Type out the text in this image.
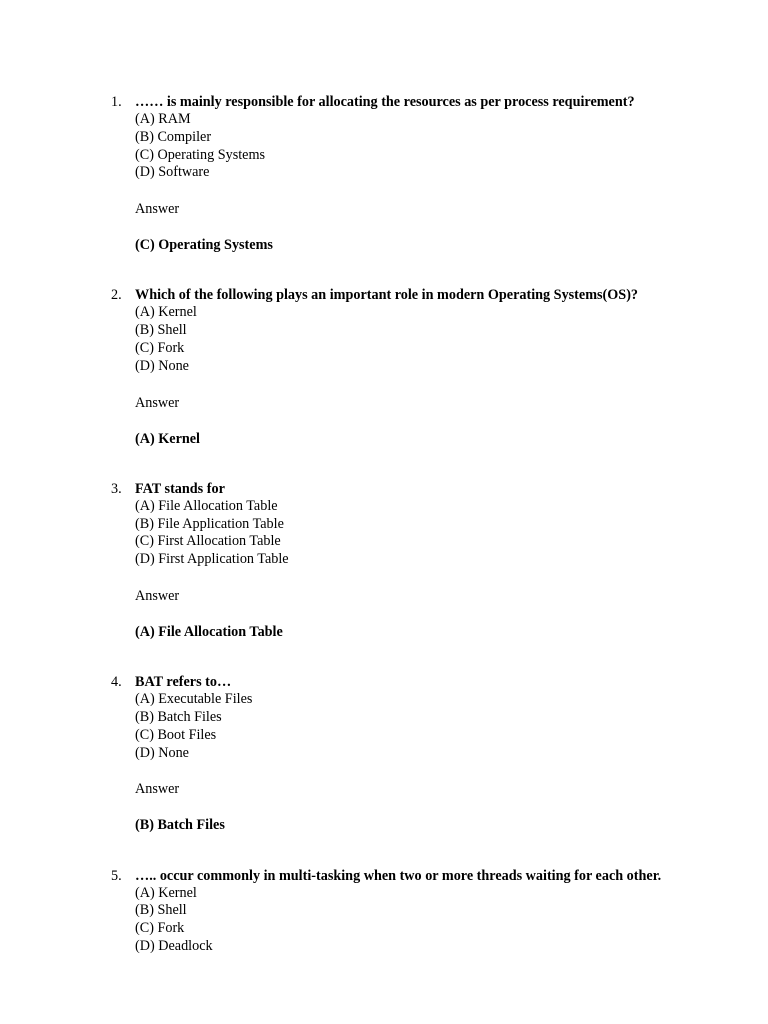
1. …… is mainly responsible for allocating the resources as per process requirement?

(A) RAM

(B) Compiler

(C) Operating Systems

(D) Software

Answer

(C) Operating Systems

2. Which of the following plays an important role in modern Operating Systems(OS)?

(A) Kernel

(B) Shell

(C) Fork

(D) None

Answer

(A) Kernel

3. FAT stands for

(A) File Allocation Table

(B) File Application Table

(C) First Allocation Table

(D) First Application Table

Answer

(A) File Allocation Table

4. BAT refers to…

(A) Executable Files

(B) Batch Files

(C) Boot Files

(D) None

Answer

(B) Batch Files

5. ….. occur commonly in multi-tasking when two or more threads waiting for each other.

(A) Kernel

(B) Shell

(C) Fork

(D) Deadlock
